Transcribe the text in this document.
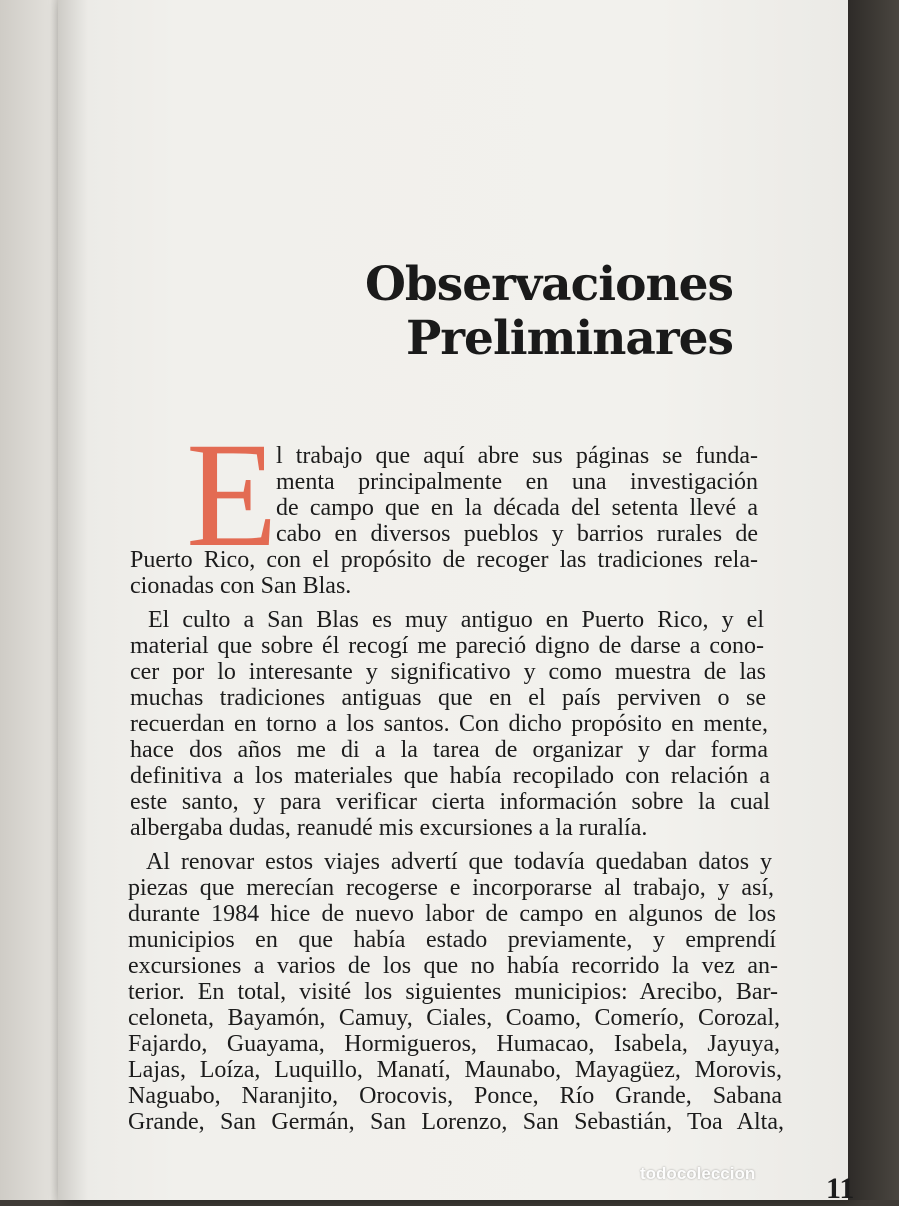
Observaciones
Preliminares
E
l trabajo que aquí abre sus páginas se funda-
menta principalmente en una investigación
de campo que en la década del setenta llevé a
cabo en diversos pueblos y barrios rurales de
Puerto Rico, con el propósito de recoger las tradiciones rela-
cionadas con San Blas.
El culto a San Blas es muy antiguo en Puerto Rico, y el
material que sobre él recogí me pareció digno de darse a cono-
cer por lo interesante y significativo y como muestra de las
muchas tradiciones antiguas que en el país perviven o se
recuerdan en torno a los santos. Con dicho propósito en mente,
hace dos años me di a la tarea de organizar y dar forma
definitiva a los materiales que había recopilado con relación a
este santo, y para verificar cierta información sobre la cual
albergaba dudas, reanudé mis excursiones a la ruralía.
Al renovar estos viajes advertí que todavía quedaban datos y
piezas que merecían recogerse e incorporarse al trabajo, y así,
durante 1984 hice de nuevo labor de campo en algunos de los
municipios en que había estado previamente, y emprendí
excursiones a varios de los que no había recorrido la vez an-
terior. En total, visité los siguientes municipios: Arecibo, Bar-
celoneta, Bayamón, Camuy, Ciales, Coamo, Comerío, Corozal,
Fajardo, Guayama, Hormigueros, Humacao, Isabela, Jayuya,
Lajas, Loíza, Luquillo, Manatí, Maunabo, Mayagüez, Morovis,
Naguabo, Naranjito, Orocovis, Ponce, Río Grande, Sabana
Grande, San Germán, San Lorenzo, San Sebastián, Toa Alta,
todocoleccion 11
